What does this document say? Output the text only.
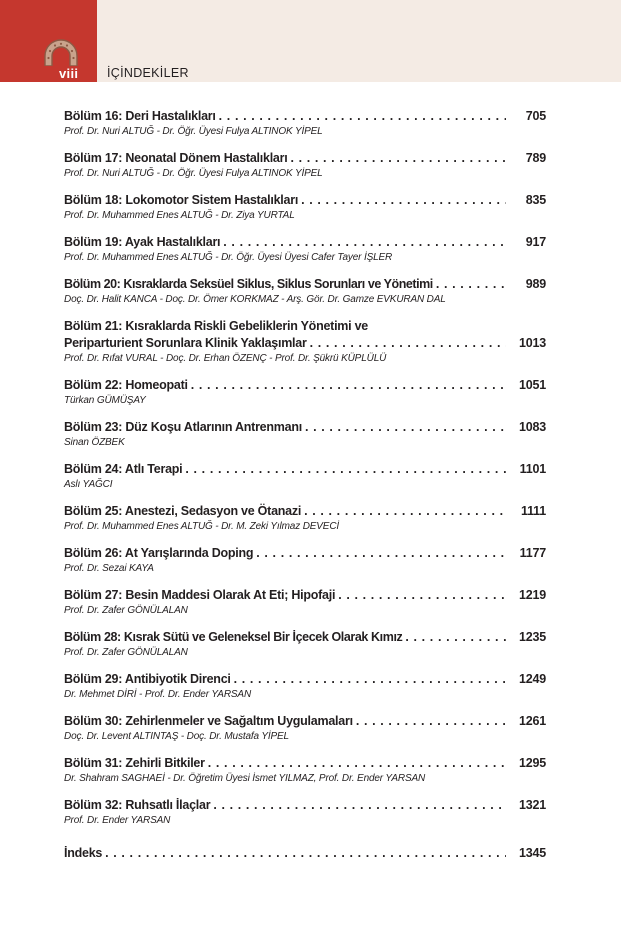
viii	İÇİNDEKİLER
Bölüm 16: Deri Hastalıkları . . .	705
Prof. Dr. Nuri ALTUĞ - Dr. Öğr. Üyesi Fulya ALTINOK YİPEL
Bölüm 17: Neonatal Dönem Hastalıkları . . .	789
Prof. Dr. Nuri ALTUĞ - Dr. Öğr. Üyesi Fulya ALTINOK YİPEL
Bölüm 18: Lokomotor Sistem Hastalıkları . . .	835
Prof. Dr. Muhammed Enes ALTUĞ - Dr. Ziya YURTAL
Bölüm 19: Ayak Hastalıkları . . .	917
Prof. Dr. Muhammed Enes ALTUĞ - Dr. Öğr. Üyesi Üyesi Cafer Tayer İŞLER
Bölüm 20: Kısraklarda Seksüel Siklus, Siklus Sorunları ve Yönetimi . . .	989
Doç. Dr. Halit KANCA - Doç. Dr. Ömer KORKMAZ - Arş. Gör. Dr. Gamze EVKURAN DAL
Bölüm 21: Kısraklarda Riskli Gebeliklerin Yönetimi ve
Periparturient Sorunlara Klinik Yaklaşımlar . . .	1013
Prof. Dr. Rıfat VURAL - Doç. Dr. Erhan ÖZENÇ - Prof. Dr. Şükrü KÜPLÜLÜ
Bölüm 22: Homeopati . . .	1051
Türkan GÜMÜŞAY
Bölüm 23: Düz Koşu Atlarının Antrenmanı . . .	1083
Sinan ÖZBEK
Bölüm 24: Atlı Terapi . . .	1101
Aslı YAĞCI
Bölüm 25: Anestezi, Sedasyon ve Ötanazi . . .	1111
Prof. Dr. Muhammed Enes ALTUĞ - Dr. M. Zeki Yılmaz DEVECİ
Bölüm 26: At Yarışlarında Doping . . .	1177
Prof. Dr. Sezai KAYA
Bölüm 27: Besin Maddesi Olarak At Eti; Hipofaji . . .	1219
Prof. Dr. Zafer GÖNÜLALAN
Bölüm 28: Kısrak Sütü ve Geleneksel Bir İçecek Olarak Kımız . . .	1235
Prof. Dr. Zafer GÖNÜLALAN
Bölüm 29: Antibiyotik Direnci . . .	1249
Dr. Mehmet DİRİ - Prof. Dr. Ender YARSAN
Bölüm 30: Zehirlenmeler ve Sağaltım Uygulamaları . . .	1261
Doç. Dr. Levent ALTINTAŞ - Doç. Dr. Mustafa YİPEL
Bölüm 31: Zehirli Bitkiler . . .	1295
Dr. Shahram SAGHAEİ - Dr. Öğretim Üyesi İsmet YILMAZ, Prof. Dr. Ender YARSAN
Bölüm 32: Ruhsatlı İlaçlar . . .	1321
Prof. Dr. Ender YARSAN
İndeks . . .	1345
